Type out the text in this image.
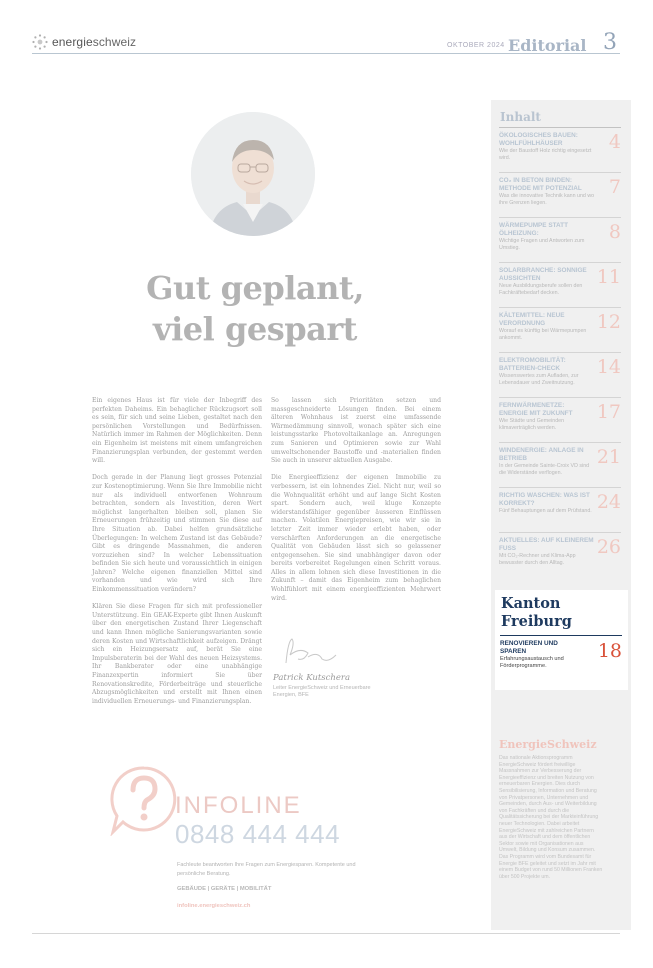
energieschweiz	OKTOBER 2024 Editorial 3
Gut geplant,
viel gespart

Ein eigenes Haus ist für viele der Inbegriff des perfekten Daheims. Ein behaglicher Rückzugsort soll es sein, für sich und seine Lieben, gestaltet nach den persönlichen Vorstellungen und Bedürfnissen. Natürlich immer im Rahmen der Möglichkeiten. Denn ein Eigenheim ist meistens mit einem umfangreichen Finanzierungsplan verbunden, der gestemmt werden will.

Doch gerade in der Planung liegt grosses Potenzial zur Kostenoptimierung. Wenn Sie Ihre Immobilie nicht nur als individuell entworfenen Wohnraum betrachten, sondern als Investition, deren Wert möglichst langerhalten bleiben soll, planen Sie Erneuerungen frühzeitig und stimmen Sie diese auf Ihre Situation ab. Dabei helfen grundsätzliche Überlegungen: In welchem Zustand ist das Gebäude? Gibt es dringende Massnahmen, die anderen vorzuziehen sind? In welcher Lebenssituation befinden Sie sich heute und voraussichtlich in einigen Jahren? Welche eigenen finanziellen Mittel sind vorhanden und wie wird sich Ihre Einkommenssituation verändern?

Klären Sie diese Fragen für sich mit professioneller Unterstützung. Ein GEAK-Experte gibt Ihnen Auskunft über den energetischen Zustand Ihrer Liegenschaft und kann Ihnen mögliche Sanierungsvarianten sowie deren Kosten und Wirtschaftlichkeit aufzeigen. Drängt sich ein Heizungsersatz auf, berät Sie eine Impulsberaterin bei der Wahl des neuen Heizsystems. Ihr Bankberater oder eine unabhängige Finanzexpertin informiert Sie über Renovationskredite, Förderbeiträge und steuerliche Abzugsmöglichkeiten und erstellt mit Ihnen einen individuellen Erneuerungs- und Finanzierungsplan.

So lassen sich Prioritäten setzen und massgeschneiderte Lösungen finden. Bei einem älteren Wohnhaus ist zuerst eine umfassende Wärmedämmung sinnvoll, wonach später sich eine leistungsstarke Photovoltaikanlage an. Anregungen zum Sanieren und Optimieren sowie zur Wahl umweltschonender Baustoffe und -materialien finden Sie auch in unserer aktuellen Ausgabe.

Die Energieeffizienz der eigenen Immobilie zu verbessern, ist ein lohnendes Ziel. Nicht nur, weil so die Wohnqualität erhöht und auf lange Sicht Kosten spart. Sondern auch, weil kluge Konzepte widerstandsfähiger gegenüber äusseren Einflüssen machen. Volatilen Energiepreisen, wie wir sie in letzter Zeit immer wieder erlebt haben, oder verschärften Anforderungen an die energetische Qualität von Gebäuden lässt sich so gelassener entgegensehen. Sie sind unabhängiger davon oder bereits vorbereitet Regelungen einen Schritt voraus. Alles in allem lohnen sich diese Investitionen in die Zukunft – damit das Eigenheim zum behaglichen Wohlfühlort mit einem energieeffizienten Mehrwert wird.

Patrick Kutschera
Leiter EnergieSchweiz und Erneuerbare Energien, BFE
INFOLINE
0848 444 444
Fachleute beantworten Ihre Fragen zum Energiesparen. Kompetente und persönliche Beratung.
GEBÄUDE | GERÄTE | MOBILITÄT
infoline.energieschweiz.ch
Inhalt
ÖKOLOGISCHES BAUEN: WOHLFÜHLHÄUSER
Wie der Baustoff Holz richtig eingesetzt wird.
4
CO₂ IN BETON BINDEN: METHODE MIT POTENZIAL
Was die innovative Technik kann und wo ihre Grenzen liegen.
7
WÄRMEPUMPE STATT ÖLHEIZUNG:
Wichtige Fragen und Antworten zum Umstieg.
8
SOLARBRANCHE: SONNIGE AUSSICHTEN
Neue Ausbildungsberufe sollen den Fachkräftebedarf decken.
11
KÄLTEMITTEL: NEUE VERORDNUNG
Worauf es künftig bei Wärmepumpen ankommt.
12
ELEKTROMOBILITÄT: BATTERIEN-CHECK
Wissenswertes zum Aufladen, zur Lebensdauer und Zweitnutzung.
14
FERNWÄRMENETZE: ENERGIE MIT ZUKUNFT
Wie Städte und Gemeinden klimaverträglich werden.
17
WINDENERGIE: ANLAGE IN BETRIEB
In der Gemeinde Sainte-Croix VD sind die Widerstände verflogen.
21
RICHTIG WASCHEN: WAS IST KORREKT?
Fünf Behauptungen auf dem Prüfstand. 24
AKTUELLES: AUF KLEINEREM FUSS
Mit CO₂-Rechner und Klima-App bewusster durch den Alltag.
26
Kanton
Freiburg
RENOVIEREN UND SPAREN
Erfahrungsaustausch und Förderprogramme.
18
EnergieSchweiz
Das nationale Aktionsprogramm EnergieSchweiz fördert freiwillige Massnahmen zur Verbesserung der Energieeffizienz und breiten Nutzung von erneuerbaren Energien. Dies durch Sensibilisierung, Information und Beratung von Privatpersonen, Unternehmen und Gemeinden, durch Aus- und Weiterbildung von Fachkräften und durch die Qualitätssicherung bei der Markteinführung neuer Technologien. Dabei arbeitet EnergieSchweiz mit zahlreichen Partnern aus der Wirtschaft und dem öffentlichen Sektor sowie mit Organisationen aus Umwelt, Bildung und Konsum zusammen. Das Programm wird vom Bundesamt für Energie BFE geleitet und setzt im Jahr mit einem Budget von rund 50 Millionen Franken über 500 Projekte um.
